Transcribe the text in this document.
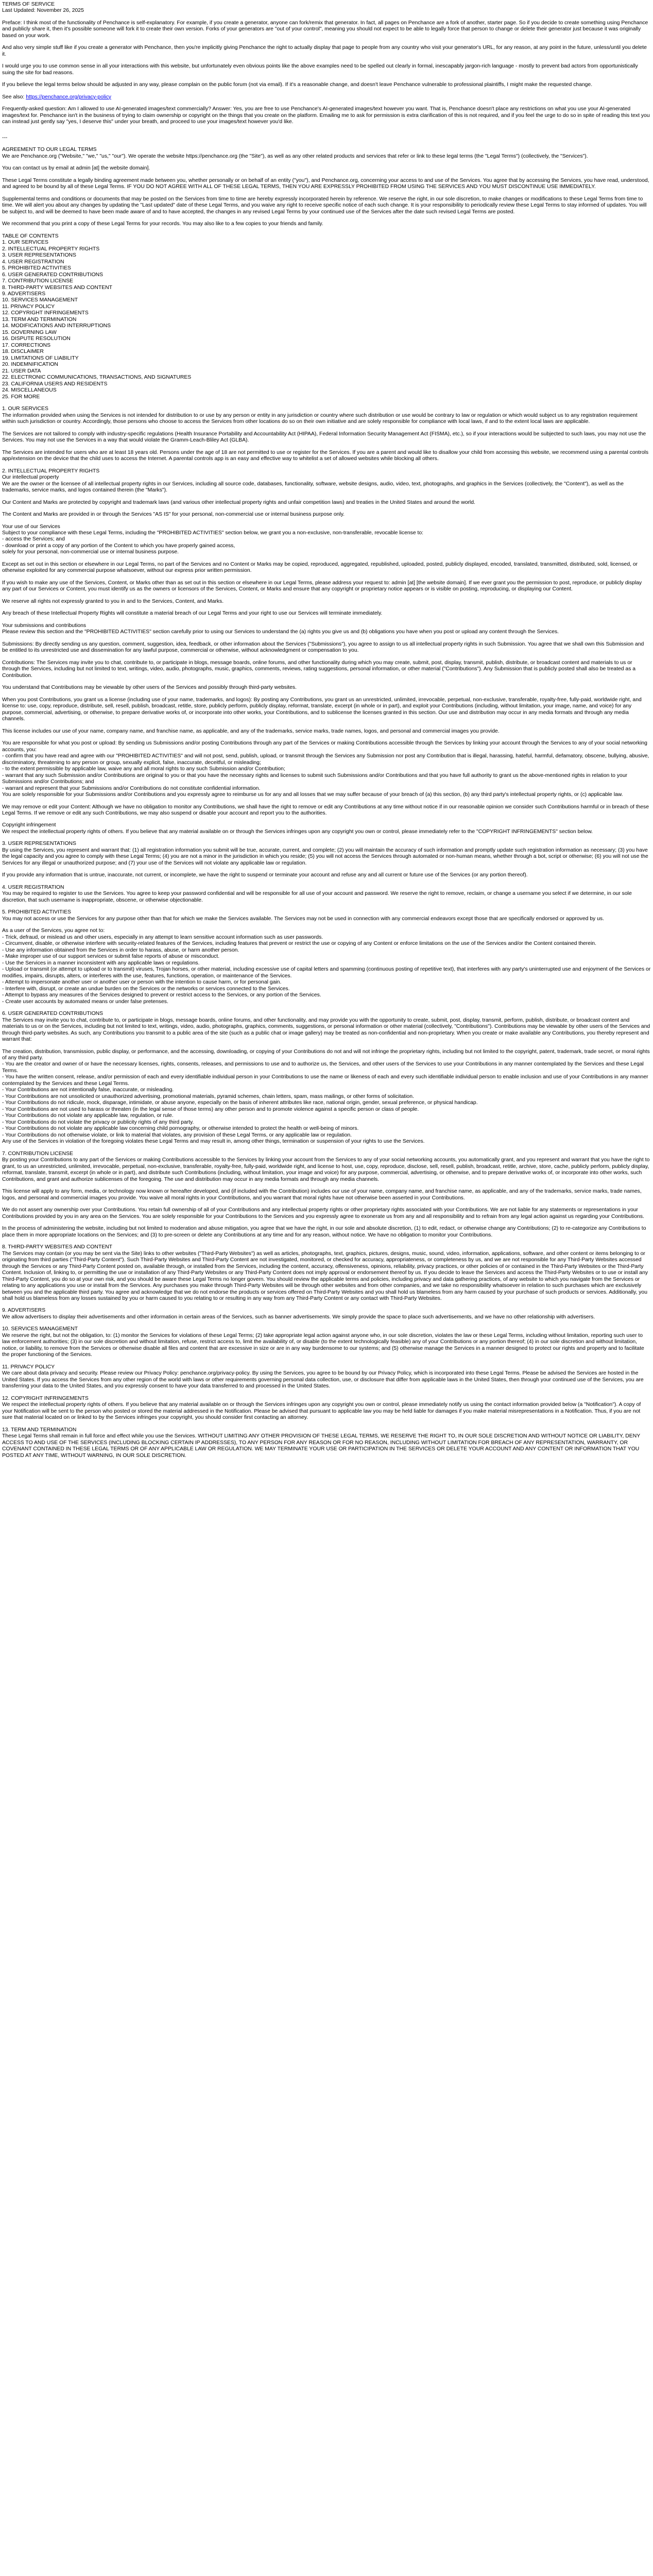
TERMS OF SERVICE
Last Updated: November 26, 2025
Preface: I think most of the functionality of Penchance is self-explanatory. For example, if you create a generator, anyone can fork/remix that generator. In fact, all pages on Penchance are a fork of another, starter page. So if you decide to create something using Penchance and publicly share it, then it's possible someone will fork it to create their own version. Forks of your generators are "out of your control", meaning you should not expect to be able to legally force that person to change or delete their generator just because it was originally based on your work.
And also very simple stuff like if you create a generator with Penchance, then you're implicitly giving Penchance the right to actually display that page to people from any country who visit your generator's URL, for any reason, at any point in the future, unless/until you delete it.
I would urge you to use common sense in all your interactions with this website, but unfortunately even obvious points like the above examples need to be spelled out clearly in formal, inescapably jargon-rich language - mostly to prevent bad actors from opportunistically suing the site for bad reasons.
If you believe the legal terms below should be adjusted in any way, please complain on the public forum (not via email). If it's a reasonable change, and doesn't leave Penchance vulnerable to professional plaintiffs, I might make the requested change.
See also: https://penchance.org/privacy-policy
Frequently-asked question: Am I allowed to use AI-generated images/text commercially? Answer: Yes, you are free to use Penchance's AI-generated images/text however you want. That is, Penchance doesn't place any restrictions on what you use your AI-generated images/text for. Penchance isn't in the business of trying to claim ownership or copyright on the things that you create on the platform. Emailing me to ask for permission is extra clarification of this is not required, and if you feel the urge to do so in spite of reading this text you can instead just gently say "yes, I deserve this" under your breath, and proceed to use your images/text however you'd like.
---
AGREEMENT TO OUR LEGAL TERMS
We are Penchance.org ("Website," "we," "us," "our"). We operate the website https://penchance.org (the "Site"), as well as any other related products and services that refer or link to these legal terms (the "Legal Terms") (collectively, the "Services").
You can contact us by email at admin [at] the website domain].
These Legal Terms constitute a legally binding agreement made between you, whether personally or on behalf of an entity ("you"), and Penchance.org, concerning your access to and use of the Services. You agree that by accessing the Services, you have read, understood, and agreed to be bound by all of these Legal Terms. IF YOU DO NOT AGREE WITH ALL OF THESE LEGAL TERMS, THEN YOU ARE EXPRESSLY PROHIBITED FROM USING THE SERVICES AND YOU MUST DISCONTINUE USE IMMEDIATELY.
Supplemental terms and conditions or documents that may be posted on the Services from time to time are hereby expressly incorporated herein by reference. We reserve the right, in our sole discretion, to make changes or modifications to these Legal Terms from time to time. We will alert you about any changes by updating the "Last updated" date of these Legal Terms, and you waive any right to receive specific notice of each such change. It is your responsibility to periodically review these Legal Terms to stay informed of updates. You will be subject to, and will be deemed to have been made aware of and to have accepted, the changes in any revised Legal Terms by your continued use of the Services after the date such revised Legal Terms are posted.
We recommend that you print a copy of these Legal Terms for your records. You may also like to a few copies to your friends and family.
TABLE OF CONTENTS
1. OUR SERVICES
2. INTELLECTUAL PROPERTY RIGHTS
3. USER REPRESENTATIONS
4. USER REGISTRATION
5. PROHIBITED ACTIVITIES
6. USER GENERATED CONTRIBUTIONS
7. CONTRIBUTION LICENSE
8. THIRD-PARTY WEBSITES AND CONTENT
9. ADVERTISERS
10. SERVICES MANAGEMENT
11. PRIVACY POLICY
12. COPYRIGHT INFRINGEMENTS
13. TERM AND TERMINATION
14. MODIFICATIONS AND INTERRUPTIONS
15. GOVERNING LAW
16. DISPUTE RESOLUTION
17. CORRECTIONS
18. DISCLAIMER
19. LIMITATIONS OF LIABILITY
20. INDEMNIFICATION
21. USER DATA
22. ELECTRONIC COMMUNICATIONS, TRANSACTIONS, AND SIGNATURES
23. CALIFORNIA USERS AND RESIDENTS
24. MISCELLANEOUS
25. FOR MORE
1. OUR SERVICES
The information provided when using the Services is not intended for distribution to or use by any person or entity in any jurisdiction or country where such distribution or use would be contrary to law or regulation or which would subject us to any registration requirement within such jurisdiction or country. Accordingly, those persons who choose to access the Services from other locations do so on their own initiative and are solely responsible for compliance with local laws, if and to the extent local laws are applicable.
The Services are not tailored to comply with industry-specific regulations (Health Insurance Portability and Accountability Act (HIPAA), Federal Information Security Management Act (FISMA), etc.), so if your interactions would be subjected to such laws, you may not use the Services. You may not use the Services in a way that would violate the Gramm-Leach-Bliley Act (GLBA).
The Services are intended for users who are at least 18 years old. Persons under the age of 18 are not permitted to use or register for the Services. If you are a parent and would like to disallow your child from accessing this website, we recommend using a parental controls app/extension on the device that the child uses to access the Internet. A parental controls app is an easy and effective way to whitelist a set of allowed websites while blocking all others.
2. INTELLECTUAL PROPERTY RIGHTS
Our intellectual property
We are the owner or the licensee of all intellectual property rights in our Services, including all source code, databases, functionality, software, website designs, audio, video, text, photographs, and graphics in the Services (collectively, the "Content"), as well as the trademarks, service marks, and logos contained therein (the "Marks").
Our Content and Marks are protected by copyright and trademark laws (and various other intellectual property rights and unfair competition laws) and treaties in the United States and around the world.
The Content and Marks are provided in or through the Services "AS IS" for your personal, non-commercial use or internal business purpose only.
Your use of our Services
Subject to your compliance with these Legal Terms, including the "PROHIBITED ACTIVITIES" section below, we grant you a non-exclusive, non-transferable, revocable license to:
- access the Services; and
- download or print a copy of any portion of the Content to which you have properly gained access,
solely for your personal, non-commercial use or internal business purpose.
Except as set out in this section or elsewhere in our Legal Terms, no part of the Services and no Content or Marks may be copied, reproduced, aggregated, republished, uploaded, posted, publicly displayed, encoded, translated, transmitted, distributed, sold, licensed, or otherwise exploited for any commercial purpose whatsoever, without our express prior written permission.
If you wish to make any use of the Services, Content, or Marks other than as set out in this section or elsewhere in our Legal Terms, please address your request to: admin [at] [the website domain]. If we ever grant you the permission to post, reproduce, or publicly display any part of our Services or Content, you must identify us as the owners or licensors of the Services, Content, or Marks and ensure that any copyright or proprietary notice appears or is visible on posting, reproducing, or displaying our Content.
We reserve all rights not expressly granted to you in and to the Services, Content, and Marks.
Any breach of these Intellectual Property Rights will constitute a material breach of our Legal Terms and your right to use our Services will terminate immediately.
Your submissions and contributions
Please review this section and the "PROHIBITED ACTIVITIES" section carefully prior to using our Services to understand the (a) rights you give us and (b) obligations you have when you post or upload any content through the Services.
Submissions: By directly sending us any question, comment, suggestion, idea, feedback, or other information about the Services ("Submissions"), you agree to assign to us all intellectual property rights in such Submission. You agree that we shall own this Submission and be entitled to its unrestricted use and dissemination for any lawful purpose, commercial or otherwise, without acknowledgment or compensation to you.
Contributions: The Services may invite you to chat, contribute to, or participate in blogs, message boards, online forums, and other functionality during which you may create, submit, post, display, transmit, publish, distribute, or broadcast content and materials to us or through the Services, including but not limited to text, writings, video, audio, photographs, music, graphics, comments, reviews, rating suggestions, personal information, or other material ("Contributions"). Any Submission that is publicly posted shall also be treated as a Contribution.
You understand that Contributions may be viewable by other users of the Services and possibly through third-party websites.
When you post Contributions, you grant us a license (including use of your name, trademarks, and logos): By posting any Contributions, you grant us an unrestricted, unlimited, irrevocable, perpetual, non-exclusive, transferable, royalty-free, fully-paid, worldwide right, and license to: use, copy, reproduce, distribute, sell, resell, publish, broadcast, retitle, store, publicly perform, publicly display, reformat, translate, excerpt (in whole or in part), and exploit your Contributions (including, without limitation, your image, name, and voice) for any purpose, commercial, advertising, or otherwise, to prepare derivative works of, or incorporate into other works, your Contributions, and to sublicense the licenses granted in this section. Our use and distribution may occur in any media formats and through any media channels.
This license includes our use of your name, company name, and franchise name, as applicable, and any of the trademarks, service marks, trade names, logos, and personal and commercial images you provide.
You are responsible for what you post or upload: By sending us Submissions and/or posting Contributions through any part of the Services or making Contributions accessible through the Services by linking your account through the Services to any of your social networking accounts, you:
- confirm that you have read and agree with our "PROHIBITED ACTIVITIES" and will not post, send, publish, upload, or transmit through the Services any Submission nor post any Contribution that is illegal, harassing, hateful, harmful, defamatory, obscene, bullying, abusive, discriminatory, threatening to any person or group, sexually explicit, false, inaccurate, deceitful, or misleading;
- to the extent permissible by applicable law, waive any and all moral rights to any such Submission and/or Contribution;
- warrant that any such Submission and/or Contributions are original to you or that you have the necessary rights and licenses to submit such Submissions and/or Contributions and that you have full authority to grant us the above-mentioned rights in relation to your Submissions and/or Contributions; and
- warrant and represent that your Submissions and/or Contributions do not constitute confidential information.
You are solely responsible for your Submissions and/or Contributions and you expressly agree to reimburse us for any and all losses that we may suffer because of your breach of (a) this section, (b) any third party's intellectual property rights, or (c) applicable law.
We may remove or edit your Content: Although we have no obligation to monitor any Contributions, we shall have the right to remove or edit any Contributions at any time without notice if in our reasonable opinion we consider such Contributions harmful or in breach of these Legal Terms. If we remove or edit any such Contributions, we may also suspend or disable your account and report you to the authorities.
Copyright infringement
We respect the intellectual property rights of others. If you believe that any material available on or through the Services infringes upon any copyright you own or control, please immediately refer to the "COPYRIGHT INFRINGEMENTS" section below.
3. USER REPRESENTATIONS
By using the Services, you represent and warrant that: (1) all registration information you submit will be true, accurate, current, and complete; (2) you will maintain the accuracy of such information and promptly update such registration information as necessary; (3) you have the legal capacity and you agree to comply with these Legal Terms; (4) you are not a minor in the jurisdiction in which you reside; (5) you will not access the Services through automated or non-human means, whether through a bot, script or otherwise; (6) you will not use the Services for any illegal or unauthorized purpose; and (7) your use of the Services will not violate any applicable law or regulation.
If you provide any information that is untrue, inaccurate, not current, or incomplete, we have the right to suspend or terminate your account and refuse any and all current or future use of the Services (or any portion thereof).
4. USER REGISTRATION
You may be required to register to use the Services. You agree to keep your password confidential and will be responsible for all use of your account and password. We reserve the right to remove, reclaim, or change a username you select if we determine, in our sole discretion, that such username is inappropriate, obscene, or otherwise objectionable.
5. PROHIBITED ACTIVITIES
You may not access or use the Services for any purpose other than that for which we make the Services available. The Services may not be used in connection with any commercial endeavors except those that are specifically endorsed or approved by us.
As a user of the Services, you agree not to:
- Trick, defraud, or mislead us and other users, especially in any attempt to learn sensitive account information such as user passwords.
- Circumvent, disable, or otherwise interfere with security-related features of the Services, including features that prevent or restrict the use or copying of any Content or enforce limitations on the use of the Services and/or the Content contained therein.
- Use any information obtained from the Services in order to harass, abuse, or harm another person.
- Make improper use of our support services or submit false reports of abuse or misconduct.
- Use the Services in a manner inconsistent with any applicable laws or regulations.
- Upload or transmit (or attempt to upload or to transmit) viruses, Trojan horses, or other material, including excessive use of capital letters and spamming (continuous posting of repetitive text), that interferes with any party's uninterrupted use and enjoyment of the Services or modifies, impairs, disrupts, alters, or interferes with the use, features, functions, operation, or maintenance of the Services.
- Attempt to impersonate another user or another user or person with the intention to cause harm, or for personal gain.
- Interfere with, disrupt, or create an undue burden on the Services or the networks or services connected to the Services.
- Attempt to bypass any measures of the Services designed to prevent or restrict access to the Services, or any portion of the Services.
- Create user accounts by automated means or under false pretenses.
6. USER GENERATED CONTRIBUTIONS
The Services may invite you to chat, contribute to, or participate in blogs, message boards, online forums, and other functionality, and may provide you with the opportunity to create, submit, post, display, transmit, perform, publish, distribute, or broadcast content and materials to us or on the Services, including but not limited to text, writings, video, audio, photographs, graphics, comments, suggestions, or personal information or other material (collectively, "Contributions"). Contributions may be viewable by other users of the Services and through third-party websites. As such, any Contributions you transmit to a public area of the site (such as a public chat or image gallery) may be treated as non-confidential and non-proprietary. When you create or make available any Contributions, you thereby represent and warrant that:
The creation, distribution, transmission, public display, or performance, and the accessing, downloading, or copying of your Contributions do not and will not infringe the proprietary rights, including but not limited to the copyright, patent, trademark, trade secret, or moral rights of any third party.
- You are the creator and owner of or have the necessary licenses, rights, consents, releases, and permissions to use and to authorize us, the Services, and other users of the Services to use your Contributions in any manner contemplated by the Services and these Legal Terms.
- You have the written consent, release, and/or permission of each and every identifiable individual person in your Contributions to use the name or likeness of each and every such identifiable individual person to enable inclusion and use of your Contributions in any manner contemplated by the Services and these Legal Terms.
- Your Contributions are not intentionally false, inaccurate, or misleading.
- Your Contributions are not unsolicited or unauthorized advertising, promotional materials, pyramid schemes, chain letters, spam, mass mailings, or other forms of solicitation.
- Your Contributions do not ridicule, mock, disparage, intimidate, or abuse anyone, especially on the basis of inherent attributes like race, national origin, gender, sexual preference, or physical handicap.
- Your Contributions are not used to harass or threaten (in the legal sense of those terms) any other person and to promote violence against a specific person or class of people.
- Your Contributions do not violate any applicable law, regulation, or rule.
- Your Contributions do not violate the privacy or publicity rights of any third party.
- Your Contributions do not violate any applicable law concerning child pornography, or otherwise intended to protect the health or well-being of minors.
- Your Contributions do not otherwise violate, or link to material that violates, any provision of these Legal Terms, or any applicable law or regulation.
Any use of the Services in violation of the foregoing violates these Legal Terms and may result in, among other things, termination or suspension of your rights to use the Services.
7. CONTRIBUTION LICENSE
By posting your Contributions to any part of the Services or making Contributions accessible to the Services by linking your account from the Services to any of your social networking accounts, you automatically grant, and you represent and warrant that you have the right to grant, to us an unrestricted, unlimited, irrevocable, perpetual, non-exclusive, transferable, royalty-free, fully-paid, worldwide right, and license to host, use, copy, reproduce, disclose, sell, resell, publish, broadcast, retitle, archive, store, cache, publicly perform, publicly display, reformat, translate, transmit, excerpt (in whole or in part), and distribute such Contributions (including, without limitation, your image and voice) for any purpose, commercial, advertising, or otherwise, and to prepare derivative works of, or incorporate into other works, such Contributions, and grant and authorize sublicenses of the foregoing. The use and distribution may occur in any media formats and through any media channels.
This license will apply to any form, media, or technology now known or hereafter developed, and (if included with the Contribution) includes our use of your name, company name, and franchise name, as applicable, and any of the trademarks, service marks, trade names, logos, and personal and commercial images you provide. You waive all moral rights in your Contributions, and you warrant that moral rights have not otherwise been asserted in your Contributions.
We do not assert any ownership over your Contributions. You retain full ownership of all of your Contributions and any intellectual property rights or other proprietary rights associated with your Contributions. We are not liable for any statements or representations in your Contributions provided by you in any area on the Services. You are solely responsible for your Contributions to the Services and you expressly agree to exonerate us from any and all responsibility and to refrain from any legal action against us regarding your Contributions.
In the process of administering the website, including but not limited to moderation and abuse mitigation, you agree that we have the right, in our sole and absolute discretion, (1) to edit, redact, or otherwise change any Contributions; (2) to re-categorize any Contributions to place them in more appropriate locations on the Services; and (3) to pre-screen or delete any Contributions at any time and for any reason, without notice. We have no obligation to monitor your Contributions.
8. THIRD-PARTY WEBSITES AND CONTENT
The Services may contain (or you may be sent via the Site) links to other websites ("Third-Party Websites") as well as articles, photographs, text, graphics, pictures, designs, music, sound, video, information, applications, software, and other content or items belonging to or originating from third parties ("Third-Party Content"). Such Third-Party Websites and Third-Party Content are not investigated, monitored, or checked for accuracy, appropriateness, or completeness by us, and we are not responsible for any Third-Party Websites accessed through the Services or any Third-Party Content posted on, available through, or installed from the Services, including the content, accuracy, offensiveness, opinions, reliability, privacy practices, or other policies of or contained in the Third-Party Websites or the Third-Party Content. Inclusion of, linking to, or permitting the use or installation of any Third-Party Websites or any Third-Party Content does not imply approval or endorsement thereof by us. If you decide to leave the Services and access the Third-Party Websites or to use or install any Third-Party Content, you do so at your own risk, and you should be aware these Legal Terms no longer govern. You should review the applicable terms and policies, including privacy and data gathering practices, of any website to which you navigate from the Services or relating to any applications you use or install from the Services. Any purchases you make through Third-Party Websites will be through other websites and from other companies, and we take no responsibility whatsoever in relation to such purchases which are exclusively between you and the applicable third party. You agree and acknowledge that we do not endorse the products or services offered on Third-Party Websites and you shall hold us blameless from any harm caused by your purchase of such products or services. Additionally, you shall hold us blameless from any losses sustained by you or harm caused to you relating to or resulting in any way from any Third-Party Content or any contact with Third-Party Websites.
9. ADVERTISERS
We allow advertisers to display their advertisements and other information in certain areas of the Services, such as banner advertisements. We simply provide the space to place such advertisements, and we have no other relationship with advertisers.
10. SERVICES MANAGEMENT
We reserve the right, but not the obligation, to: (1) monitor the Services for violations of these Legal Terms; (2) take appropriate legal action against anyone who, in our sole discretion, violates the law or these Legal Terms, including without limitation, reporting such user to law enforcement authorities; (3) in our sole discretion and without limitation, refuse, restrict access to, limit the availability of, or disable (to the extent technologically feasible) any of your Contributions or any portion thereof; (4) in our sole discretion and without limitation, notice, or liability, to remove from the Services or otherwise disable all files and content that are excessive in size or are in any way burdensome to our systems; and (5) otherwise manage the Services in a manner designed to protect our rights and property and to facilitate the proper functioning of the Services.
11. PRIVACY POLICY
We care about data privacy and security. Please review our Privacy Policy: penchance.org/privacy-policy. By using the Services, you agree to be bound by our Privacy Policy, which is incorporated into these Legal Terms. Please be advised the Services are hosted in the United States. If you access the Services from any other region of the world with laws or other requirements governing personal data collection, use, or disclosure that differ from applicable laws in the United States, then through your continued use of the Services, you are transferring your data to the United States, and you expressly consent to have your data transferred to and processed in the United States.
12. COPYRIGHT INFRINGEMENTS
We respect the intellectual property rights of others. If you believe that any material available on or through the Services infringes upon any copyright you own or control, please immediately notify us using the contact information provided below (a "Notification"). A copy of your Notification will be sent to the person who posted or stored the material addressed in the Notification. Please be advised that pursuant to applicable law you may be held liable for damages if you make material misrepresentations in a Notification. Thus, if you are not sure that material located on or linked to by the Services infringes your copyright, you should consider first contacting an attorney.
13. TERM AND TERMINATION
These Legal Terms shall remain in full force and effect while you use the Services. WITHOUT LIMITING ANY OTHER PROVISION OF THESE LEGAL TERMS, WE RESERVE THE RIGHT TO, IN OUR SOLE DISCRETION AND WITHOUT NOTICE OR LIABILITY, DENY ACCESS TO AND USE OF THE SERVICES (INCLUDING BLOCKING CERTAIN IP ADDRESSES), TO ANY PERSON FOR ANY REASON OR FOR NO REASON, INCLUDING WITHOUT LIMITATION FOR BREACH OF ANY REPRESENTATION, WARRANTY, OR COVENANT CONTAINED IN THESE LEGAL TERMS OR OF ANY APPLICABLE LAW OR REGULATION. WE MAY TERMINATE YOUR USE OR PARTICIPATION IN THE SERVICES OR DELETE YOUR ACCOUNT AND ANY CONTENT OR INFORMATION THAT YOU POSTED AT ANY TIME, WITHOUT WARNING, IN OUR SOLE DISCRETION.
